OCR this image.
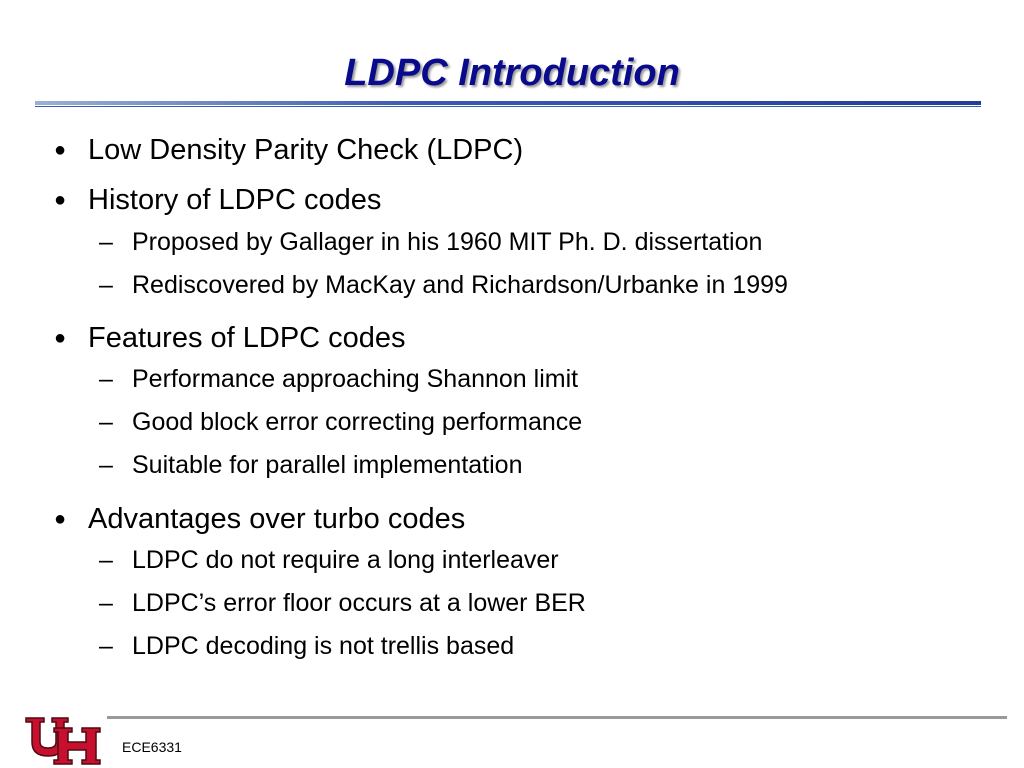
LDPC Introduction
● Low Density Parity Check (LDPC)
● History of LDPC codes
– Proposed by Gallager in his 1960 MIT Ph. D. dissertation
– Rediscovered by MacKay and Richardson/Urbanke in 1999
● Features of LDPC codes
– Performance approaching Shannon limit
– Good block error correcting performance
– Suitable for parallel implementation
● Advantages over turbo codes
– LDPC do not require a long interleaver
– LDPC’s error floor occurs at a lower BER
– LDPC decoding is not trellis based
ECE6331
